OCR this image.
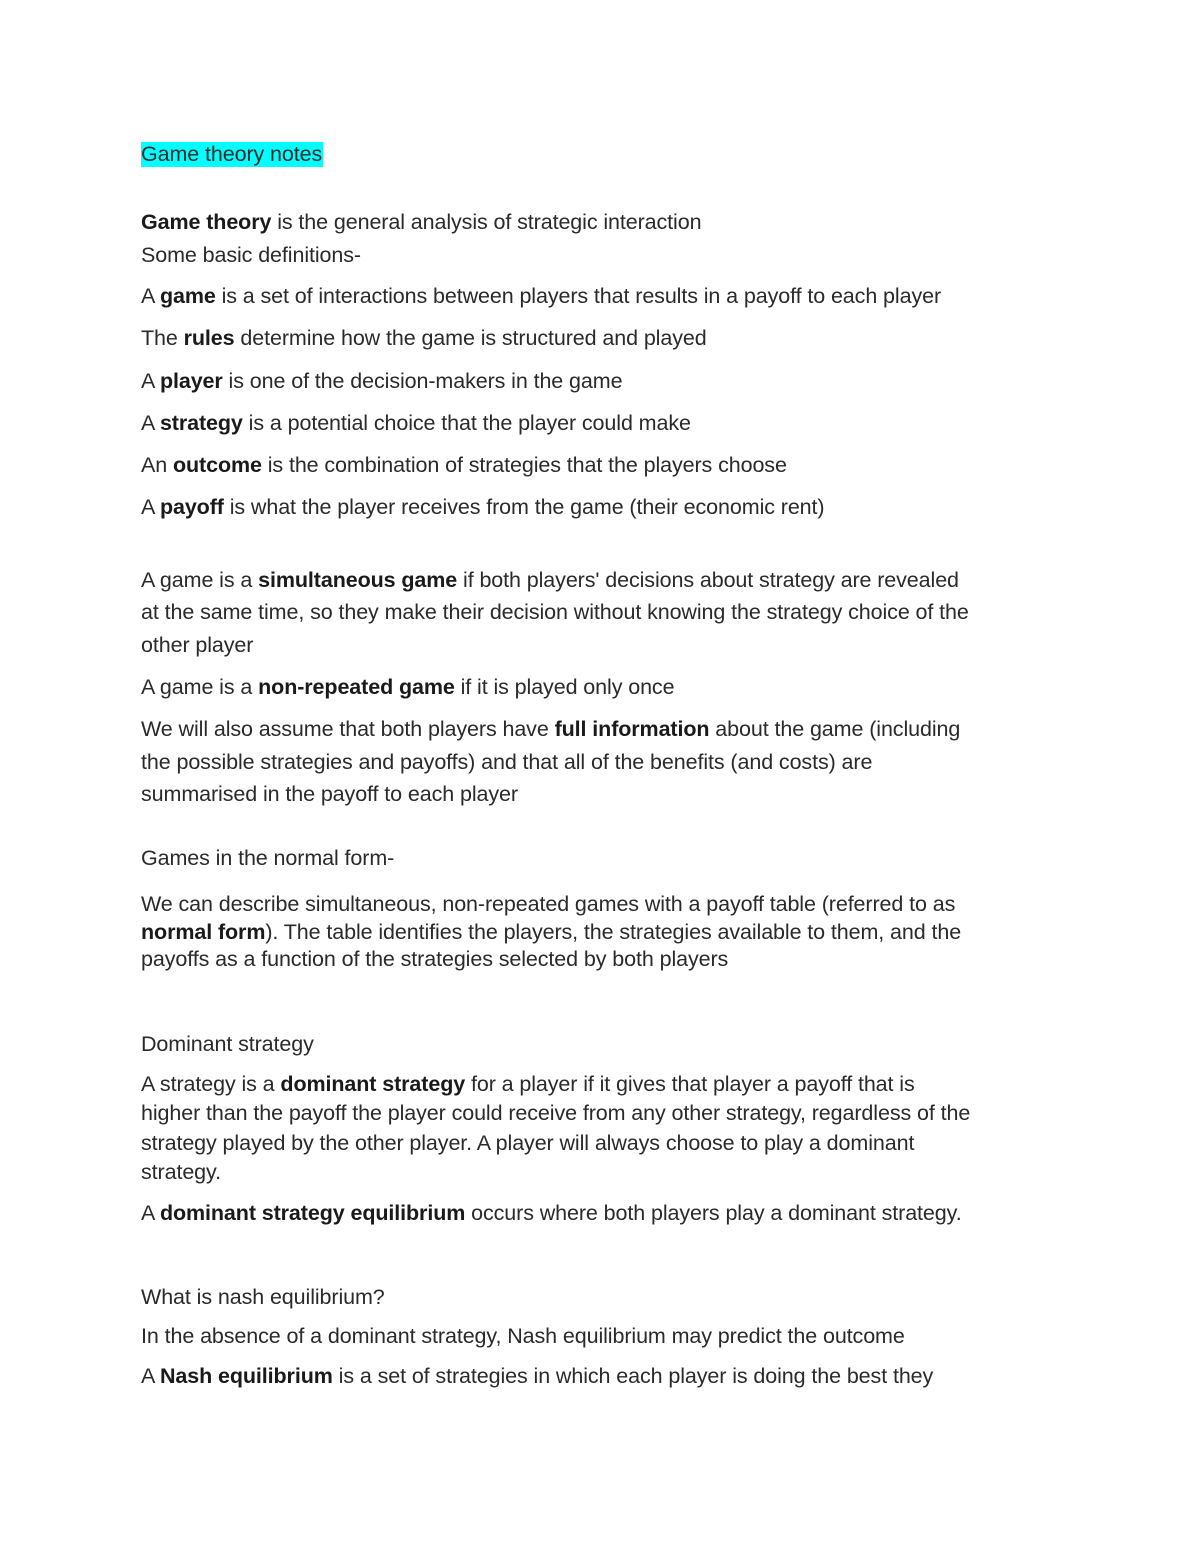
Game theory notes
Game theory is the general analysis of strategic interaction
Some basic definitions-
A game is a set of interactions between players that results in a payoff to each player
The rules determine how the game is structured and played
A player is one of the decision-makers in the game
A strategy is a potential choice that the player could make
An outcome is the combination of strategies that the players choose
A payoff is what the player receives from the game (their economic rent)
A game is a simultaneous game if both players' decisions about strategy are revealed
at the same time, so they make their decision without knowing the strategy choice of the
other player
A game is a non-repeated game if it is played only once
We will also assume that both players have full information about the game (including
the possible strategies and payoffs) and that all of the benefits (and costs) are
summarised in the payoff to each player
Games in the normal form-
We can describe simultaneous, non-repeated games with a payoff table (referred to as
normal form). The table identifies the players, the strategies available to them, and the
payoffs as a function of the strategies selected by both players
Dominant strategy
A strategy is a dominant strategy for a player if it gives that player a payoff that is
higher than the payoff the player could receive from any other strategy, regardless of the
strategy played by the other player. A player will always choose to play a dominant
strategy.
A dominant strategy equilibrium occurs where both players play a dominant strategy.
What is nash equilibrium?
In the absence of a dominant strategy, Nash equilibrium may predict the outcome
A Nash equilibrium is a set of strategies in which each player is doing the best they
